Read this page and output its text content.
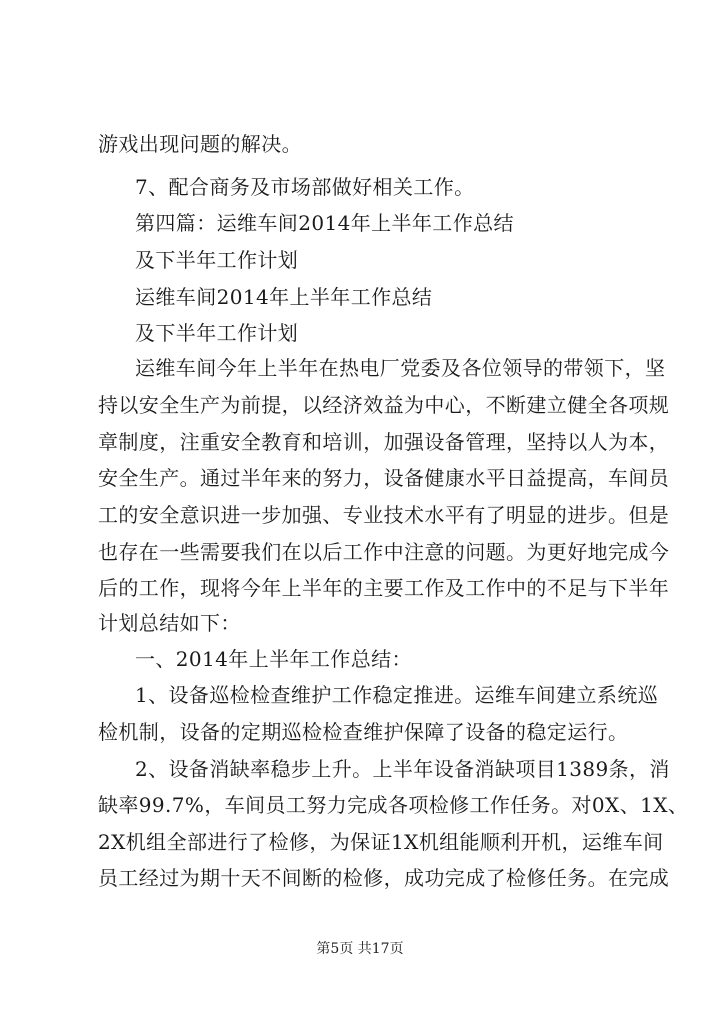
游戏出现问题的解决。
7、配合商务及市场部做好相关工作。
第四篇：运维车间2014年上半年工作总结
及下半年工作计划
运维车间2014年上半年工作总结
及下半年工作计划
运维车间今年上半年在热电厂党委及各位领导的带领下，坚
持以安全生产为前提，以经济效益为中心，不断建立健全各项规
章制度，注重安全教育和培训，加强设备管理，坚持以人为本，
安全生产。通过半年来的努力，设备健康水平日益提高，车间员
工的安全意识进一步加强、专业技术水平有了明显的进步。但是
也存在一些需要我们在以后工作中注意的问题。为更好地完成今
后的工作，现将今年上半年的主要工作及工作中的不足与下半年
计划总结如下：
一、2014年上半年工作总结：
1、设备巡检检查维护工作稳定推进。运维车间建立系统巡
检机制，设备的定期巡检检查维护保障了设备的稳定运行。
2、设备消缺率稳步上升。上半年设备消缺项目1389条，消
缺率99.7%，车间员工努力完成各项检修工作任务。对0X、1X、
2X机组全部进行了检修，为保证1X机组能顺利开机，运维车间
员工经过为期十天不间断的检修，成功完成了检修任务。在完成
第5页 共17页
